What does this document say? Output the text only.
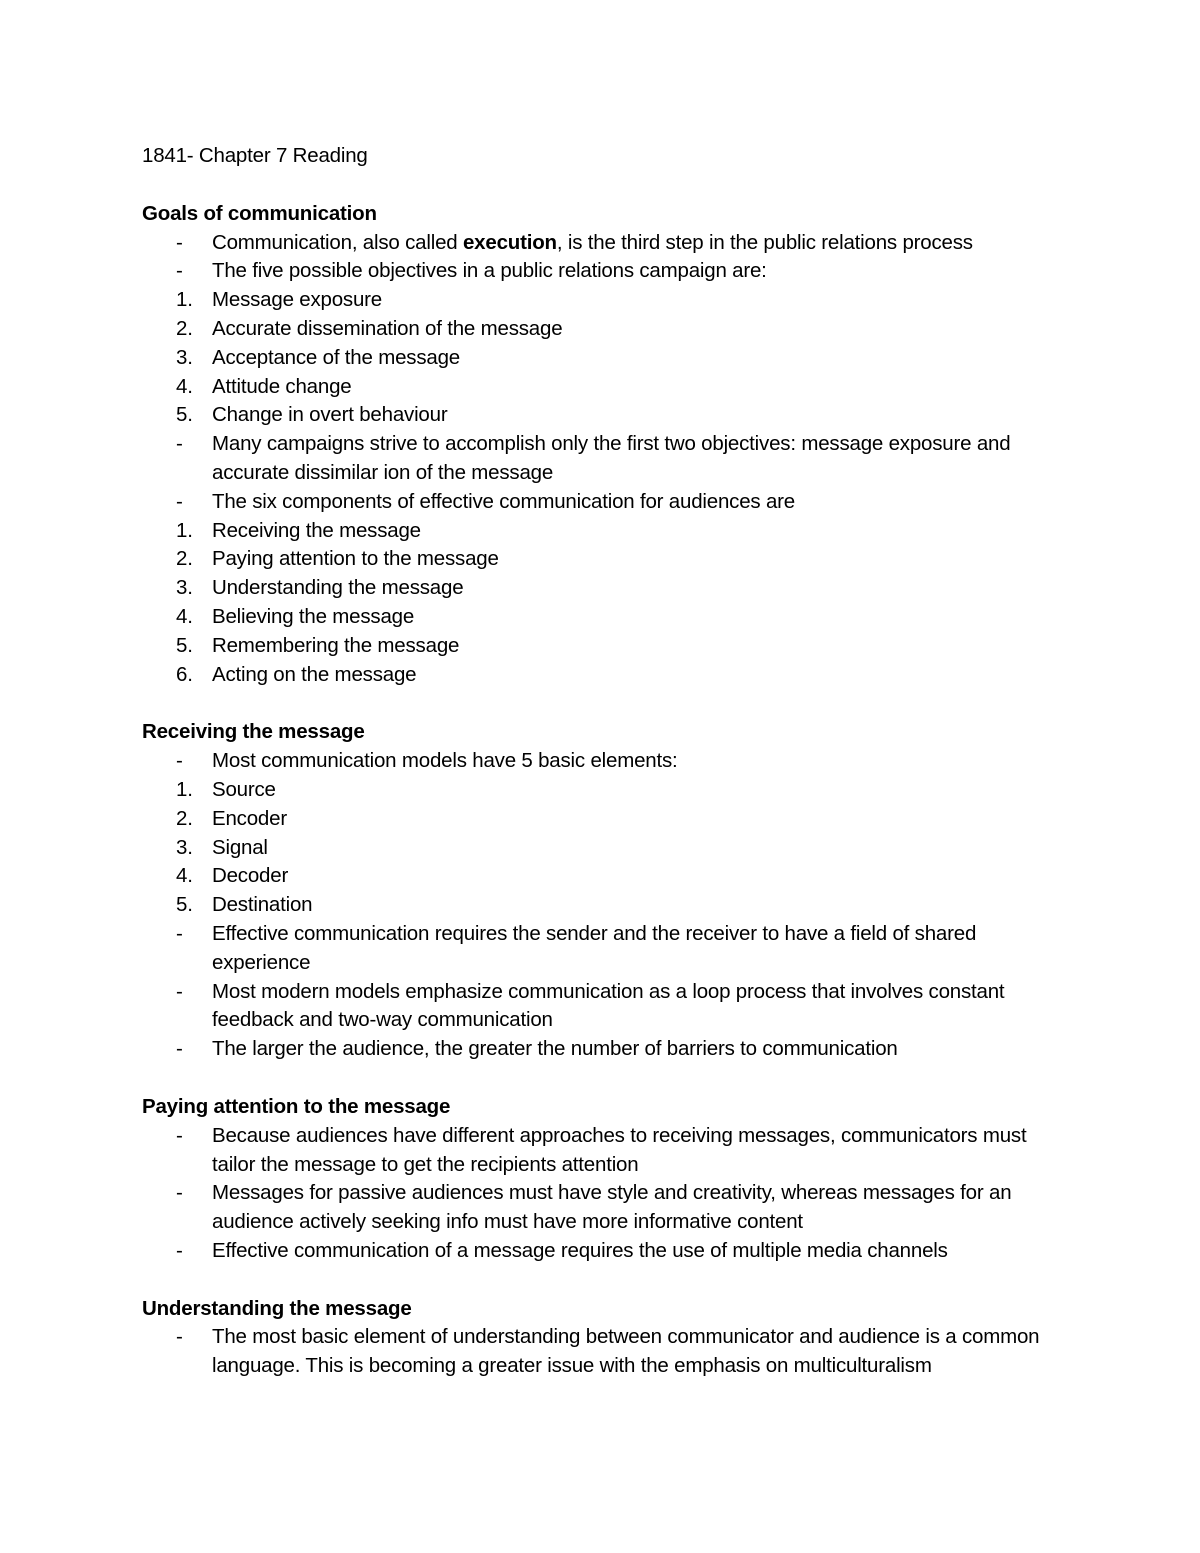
1841- Chapter 7 Reading
Goals of communication
-	Communication, also called execution, is the third step in the public relations process
-	The five possible objectives in a public relations campaign are:
1. Message exposure
2. Accurate dissemination of the message
3. Acceptance of the message
4. Attitude change
5. Change in overt behaviour
-	Many campaigns strive to accomplish only the first two objectives: message exposure and accurate dissimilar ion of the message
-	The six components of effective communication for audiences are
1. Receiving the message
2. Paying attention to the message
3. Understanding the message
4. Believing the message
5. Remembering the message
6. Acting on the message
Receiving the message
-	Most communication models have 5 basic elements:
1. Source
2. Encoder
3. Signal
4. Decoder
5. Destination
-	Effective communication requires the sender and the receiver to have a field of shared experience
-	Most modern models emphasize communication as a loop process that involves constant feedback and two-way communication
-	The larger the audience, the greater the number of barriers to communication
Paying attention to the message
-	Because audiences have different approaches to receiving messages, communicators must tailor the message to get the recipients attention
-	Messages for passive audiences must have style and creativity, whereas messages for an audience actively seeking info must have more informative content
-	Effective communication of a message requires the use of multiple media channels
Understanding the message
-	The most basic element of understanding between communicator and audience is a common language. This is becoming a greater issue with the emphasis on multiculturalism
